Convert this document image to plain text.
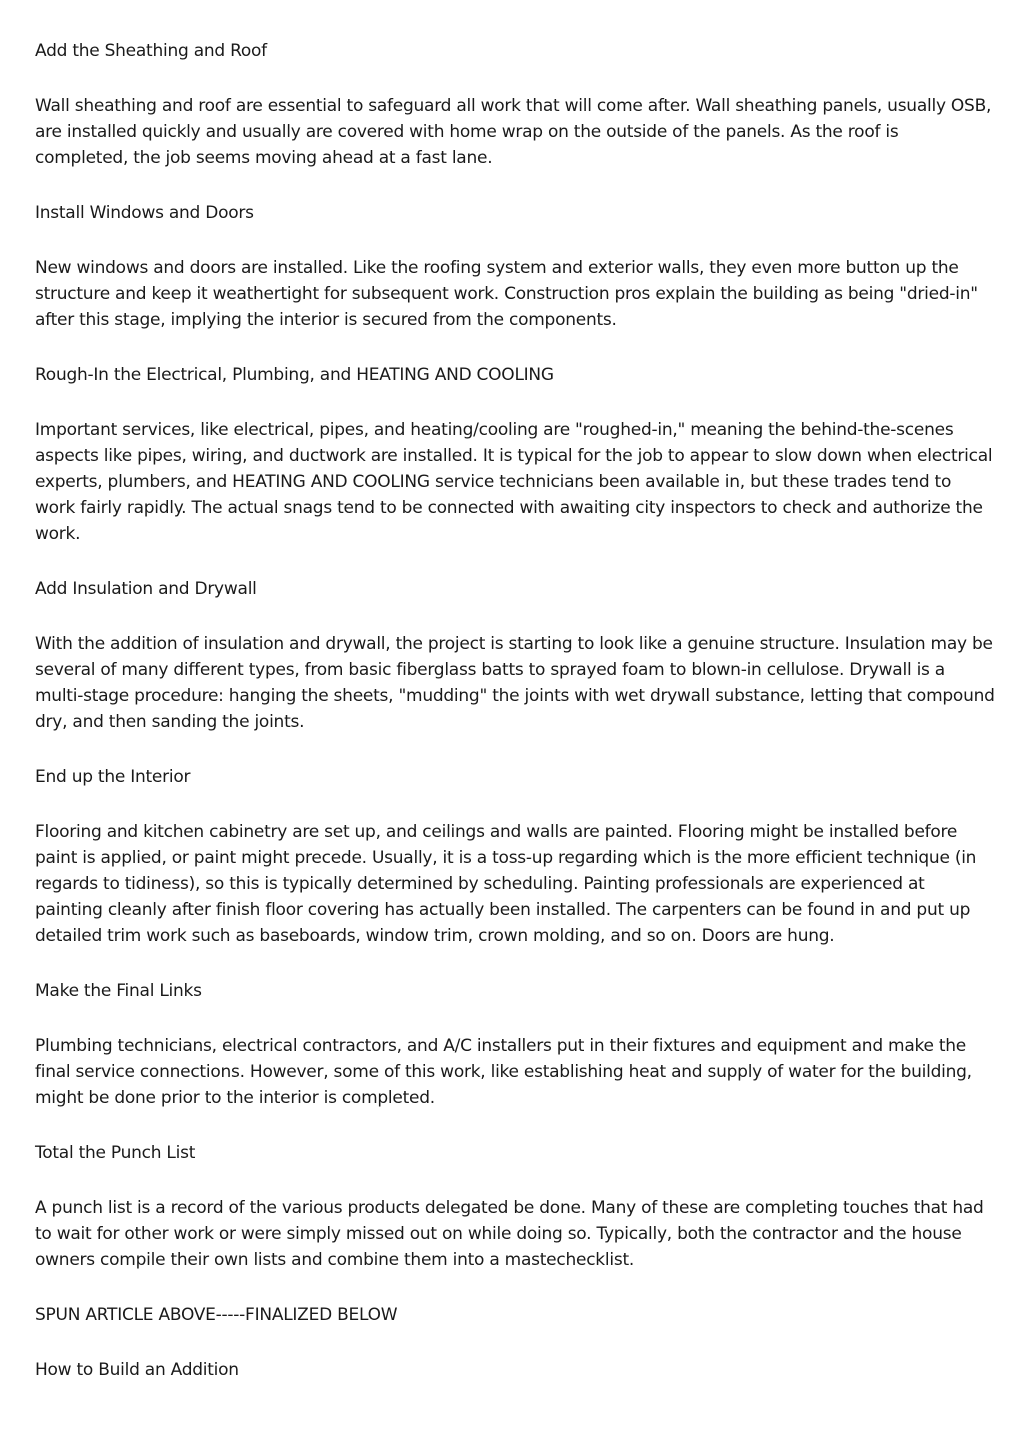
Add the Sheathing and Roof

Wall sheathing and roof are essential to safeguard all work that will come after. Wall sheathing panels, usually OSB, are installed quickly and usually are covered with home wrap on the outside of the panels. As the roof is completed, the job seems moving ahead at a fast lane.

Install Windows and Doors

New windows and doors are installed. Like the roofing system and exterior walls, they even more button up the structure and keep it weathertight for subsequent work. Construction pros explain the building as being "dried-in" after this stage, implying the interior is secured from the components.

Rough-In the Electrical, Plumbing, and HEATING AND COOLING

Important services, like electrical, pipes, and heating/cooling are "roughed-in," meaning the behind-the-scenes aspects like pipes, wiring, and ductwork are installed. It is typical for the job to appear to slow down when electrical experts, plumbers, and HEATING AND COOLING service technicians been available in, but these trades tend to work fairly rapidly. The actual snags tend to be connected with awaiting city inspectors to check and authorize the work.

Add Insulation and Drywall

With the addition of insulation and drywall, the project is starting to look like a genuine structure. Insulation may be several of many different types, from basic fiberglass batts to sprayed foam to blown-in cellulose. Drywall is a multi-stage procedure: hanging the sheets, "mudding" the joints with wet drywall substance, letting that compound dry, and then sanding the joints.

End up the Interior

Flooring and kitchen cabinetry are set up, and ceilings and walls are painted. Flooring might be installed before paint is applied, or paint might precede. Usually, it is a toss-up regarding which is the more efficient technique (in regards to tidiness), so this is typically determined by scheduling. Painting professionals are experienced at painting cleanly after finish floor covering has actually been installed. The carpenters can be found in and put up detailed trim work such as baseboards, window trim, crown molding, and so on. Doors are hung.

Make the Final Links

Plumbing technicians, electrical contractors, and A/C installers put in their fixtures and equipment and make the final service connections. However, some of this work, like establishing heat and supply of water for the building, might be done prior to the interior is completed.

Total the Punch List

A punch list is a record of the various products delegated be done. Many of these are completing touches that had to wait for other work or were simply missed out on while doing so. Typically, both the contractor and the house owners compile their own lists and combine them into a mastechecklist.

SPUN ARTICLE ABOVE-----FINALIZED BELOW

How to Build an Addition
